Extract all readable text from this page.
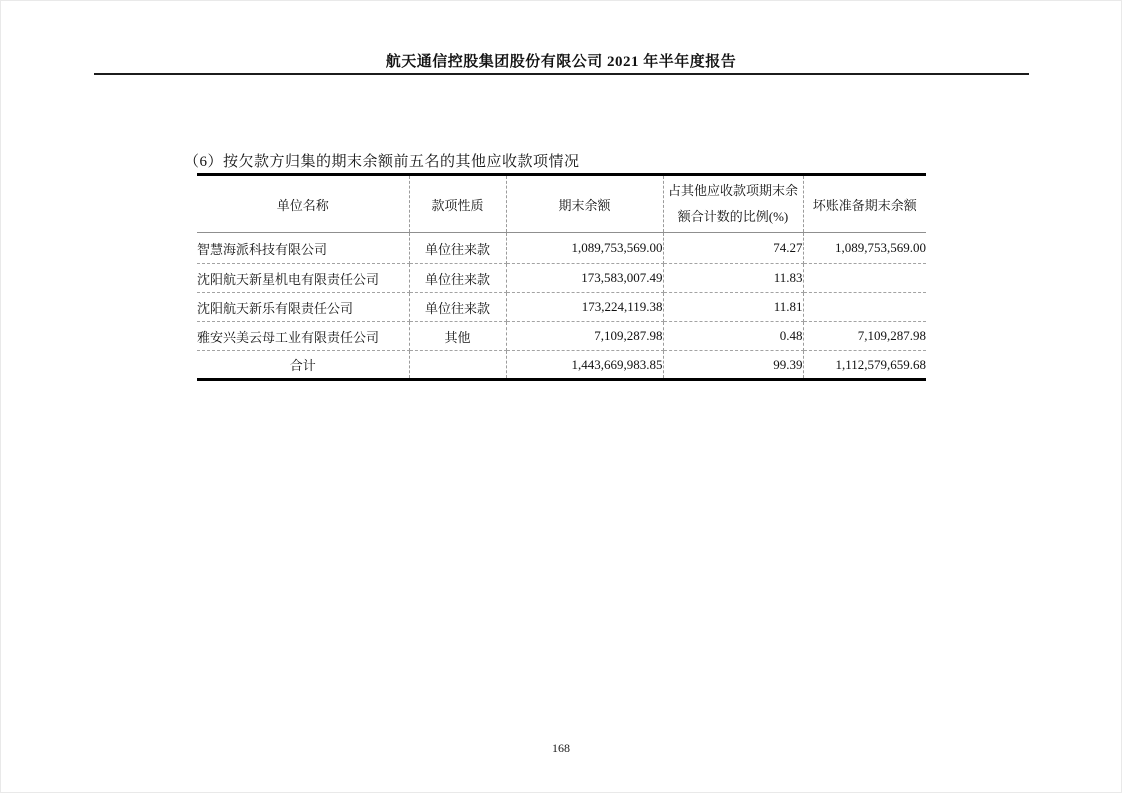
航天通信控股集团股份有限公司 2021 年半年度报告
（6）按欠款方归集的期末余额前五名的其他应收款项情况
单位名称	款项性质	期末余额	占其他应收款项期末余
额合计数的比例(%)	坏账准备期末余额
智慧海派科技有限公司	单位往来款	1,089,753,569.00	74.27	1,089,753,569.00
沈阳航天新星机电有限责任公司	单位往来款	173,583,007.49	11.83	
沈阳航天新乐有限责任公司	单位往来款	173,224,119.38	11.81	
雅安兴美云母工业有限责任公司	其他	7,109,287.98	0.48	7,109,287.98
合计		1,443,669,983.85	99.39	1,112,579,659.68
168
